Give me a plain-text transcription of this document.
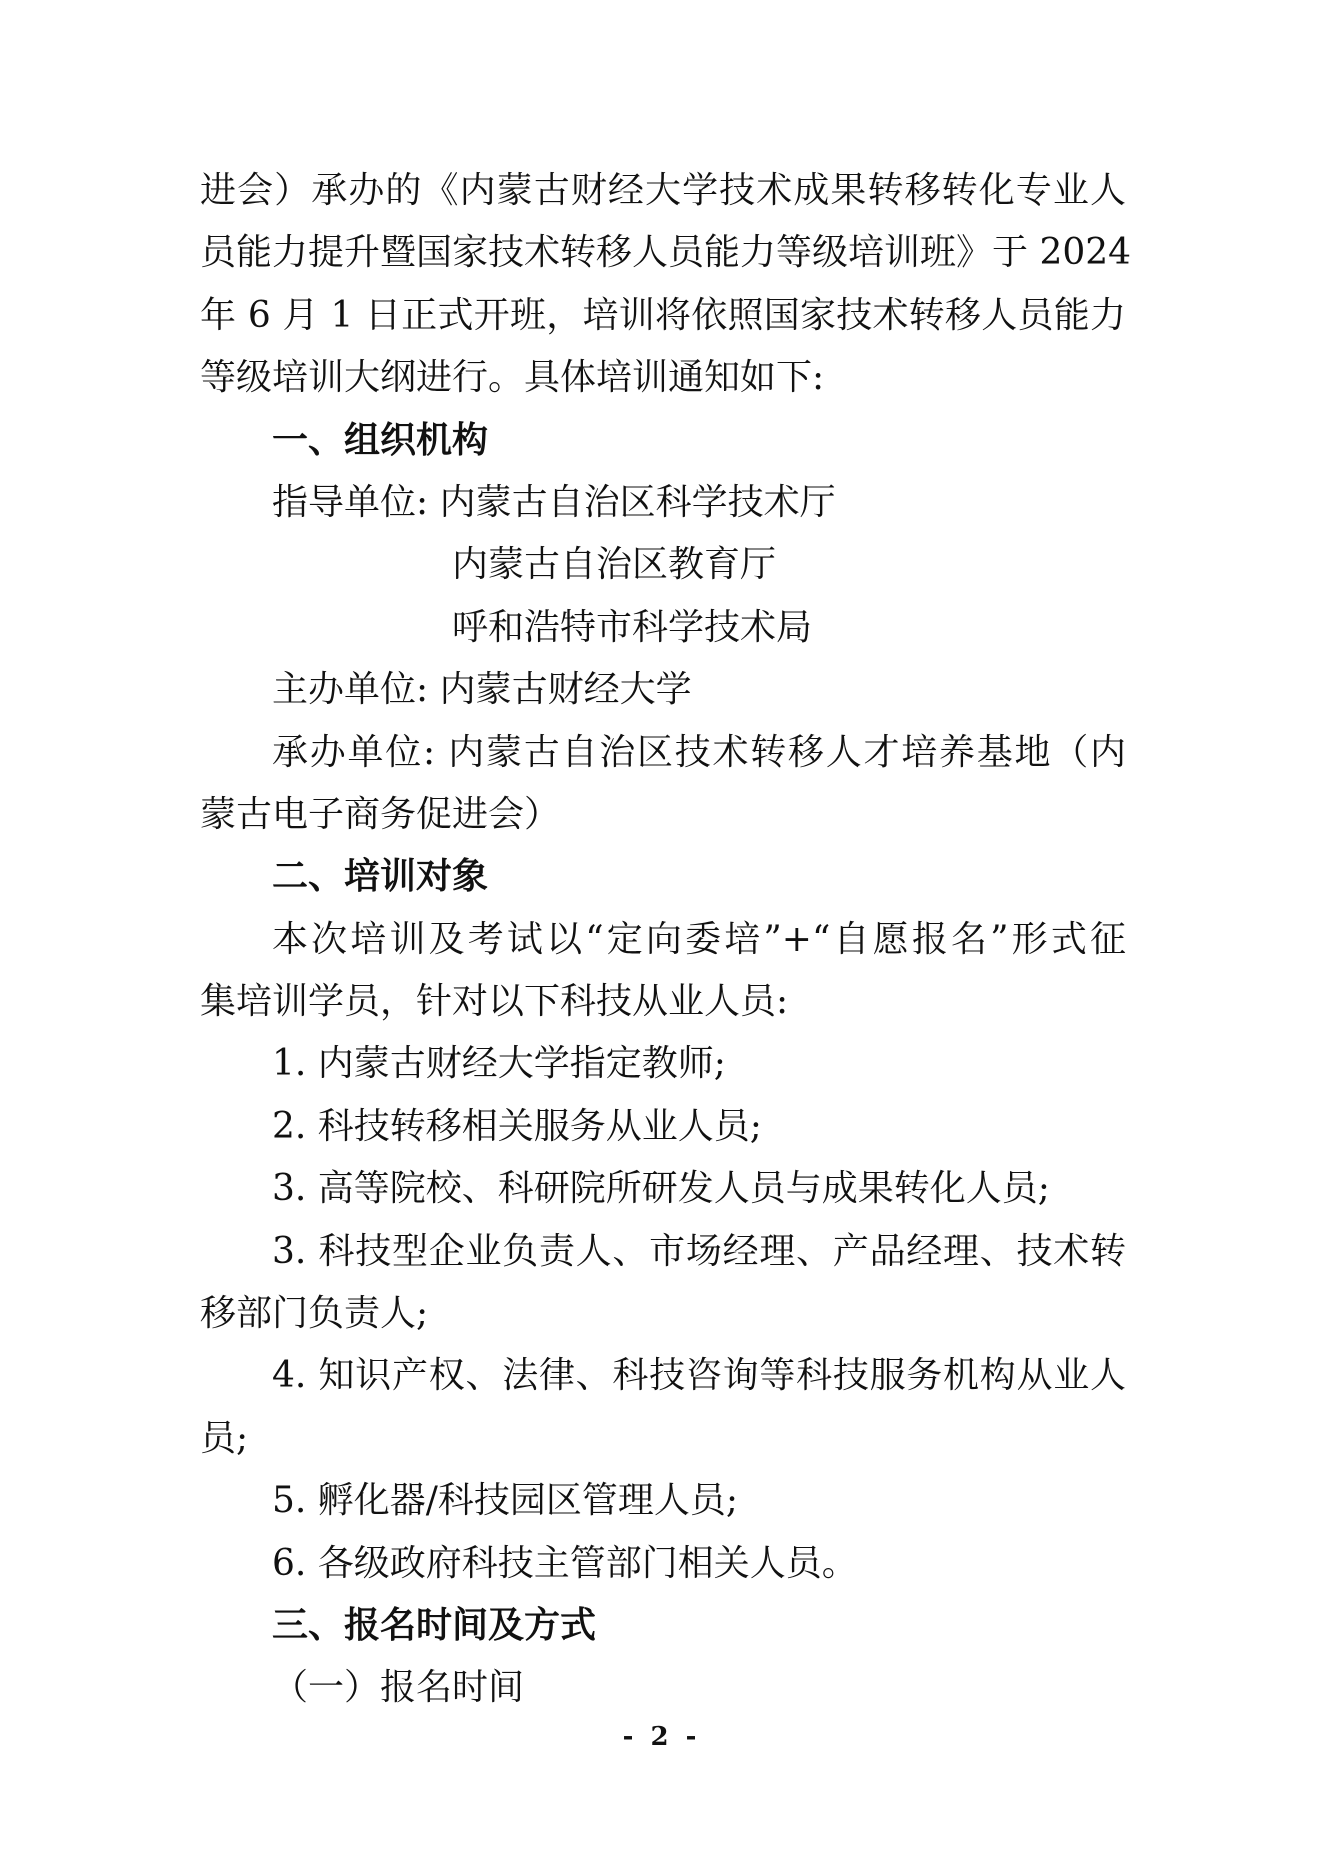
进会）承办的《内蒙古财经大学技术成果转移转化专业人
员能力提升暨国家技术转移人员能力等级培训班》于 2024
年 6 月 1 日正式开班，培训将依照国家技术转移人员能力
等级培训大纲进行。具体培训通知如下:
一、组织机构
指导单位: 内蒙古自治区科学技术厅
内蒙古自治区教育厅
呼和浩特市科学技术局
主办单位: 内蒙古财经大学
承办单位: 内蒙古自治区技术转移人才培养基地（内
蒙古电子商务促进会）
二、培训对象
本次培训及考试以“定向委培”+“自愿报名”形式征
集培训学员，针对以下科技从业人员:
1. 内蒙古财经大学指定教师;
2. 科技转移相关服务从业人员;
3. 高等院校、科研院所研发人员与成果转化人员;
3. 科技型企业负责人、市场经理、产品经理、技术转
移部门负责人;
4. 知识产权、法律、科技咨询等科技服务机构从业人
员;
5. 孵化器/科技园区管理人员;
6. 各级政府科技主管部门相关人员。
三、报名时间及方式
（一）报名时间
- 2 -
